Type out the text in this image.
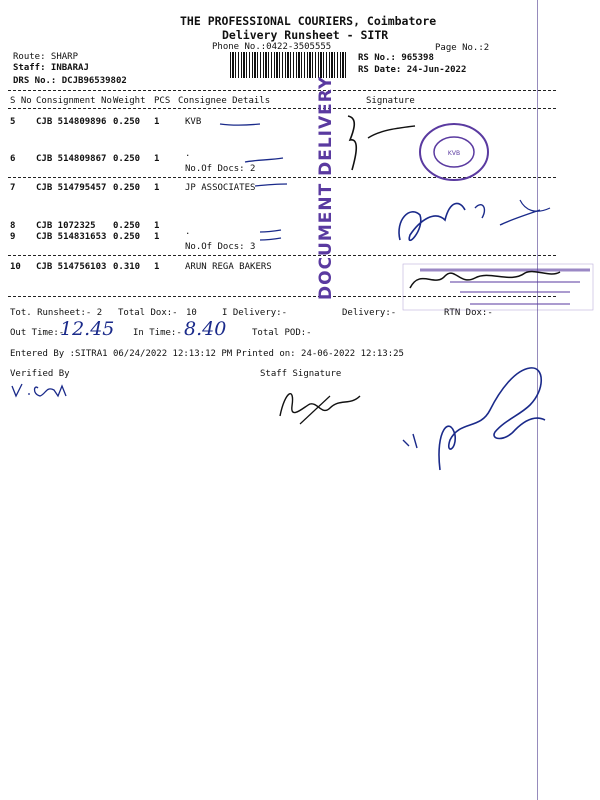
THE PROFESSIONAL COURIERS, Coimbatore
Delivery Runsheet - SITR
Phone No.:0422-3505555	Page No.:2
Route: SHARP
Staff: INBARAJ
DRS No.: DCJB96539802
RS No.: 965398
RS Date: 24-Jun-2022
S No Consignment No Weight PCS Consignee Details	Signature
5 CJB 514809896 0.250 1	KVB
6 CJB 514809867 0.250 1	.
No.Of Docs: 2
7 CJB 514795457 0.250 1	JP ASSOCIATES
8 CJB 1072325 0.250 1
9 CJB 514831653 0.250 1	.
No.Of Docs: 3
10 CJB 514756103 0.310 1	ARUN REGA BAKERS
Tot. Runsheet:- 2 Total Dox:- 10	I Delivery:-	Delivery:-	RTN Dox:-
Out Time:-
12.45 In Time:- 8.40	Total POD:-
Entered By :SITRA1 06/24/2022 12:13:12 PM Printed on: 24-06-2022 12:13:25
Verified By	Staff Signature
DOCUMENT DELIVERY	KVB
